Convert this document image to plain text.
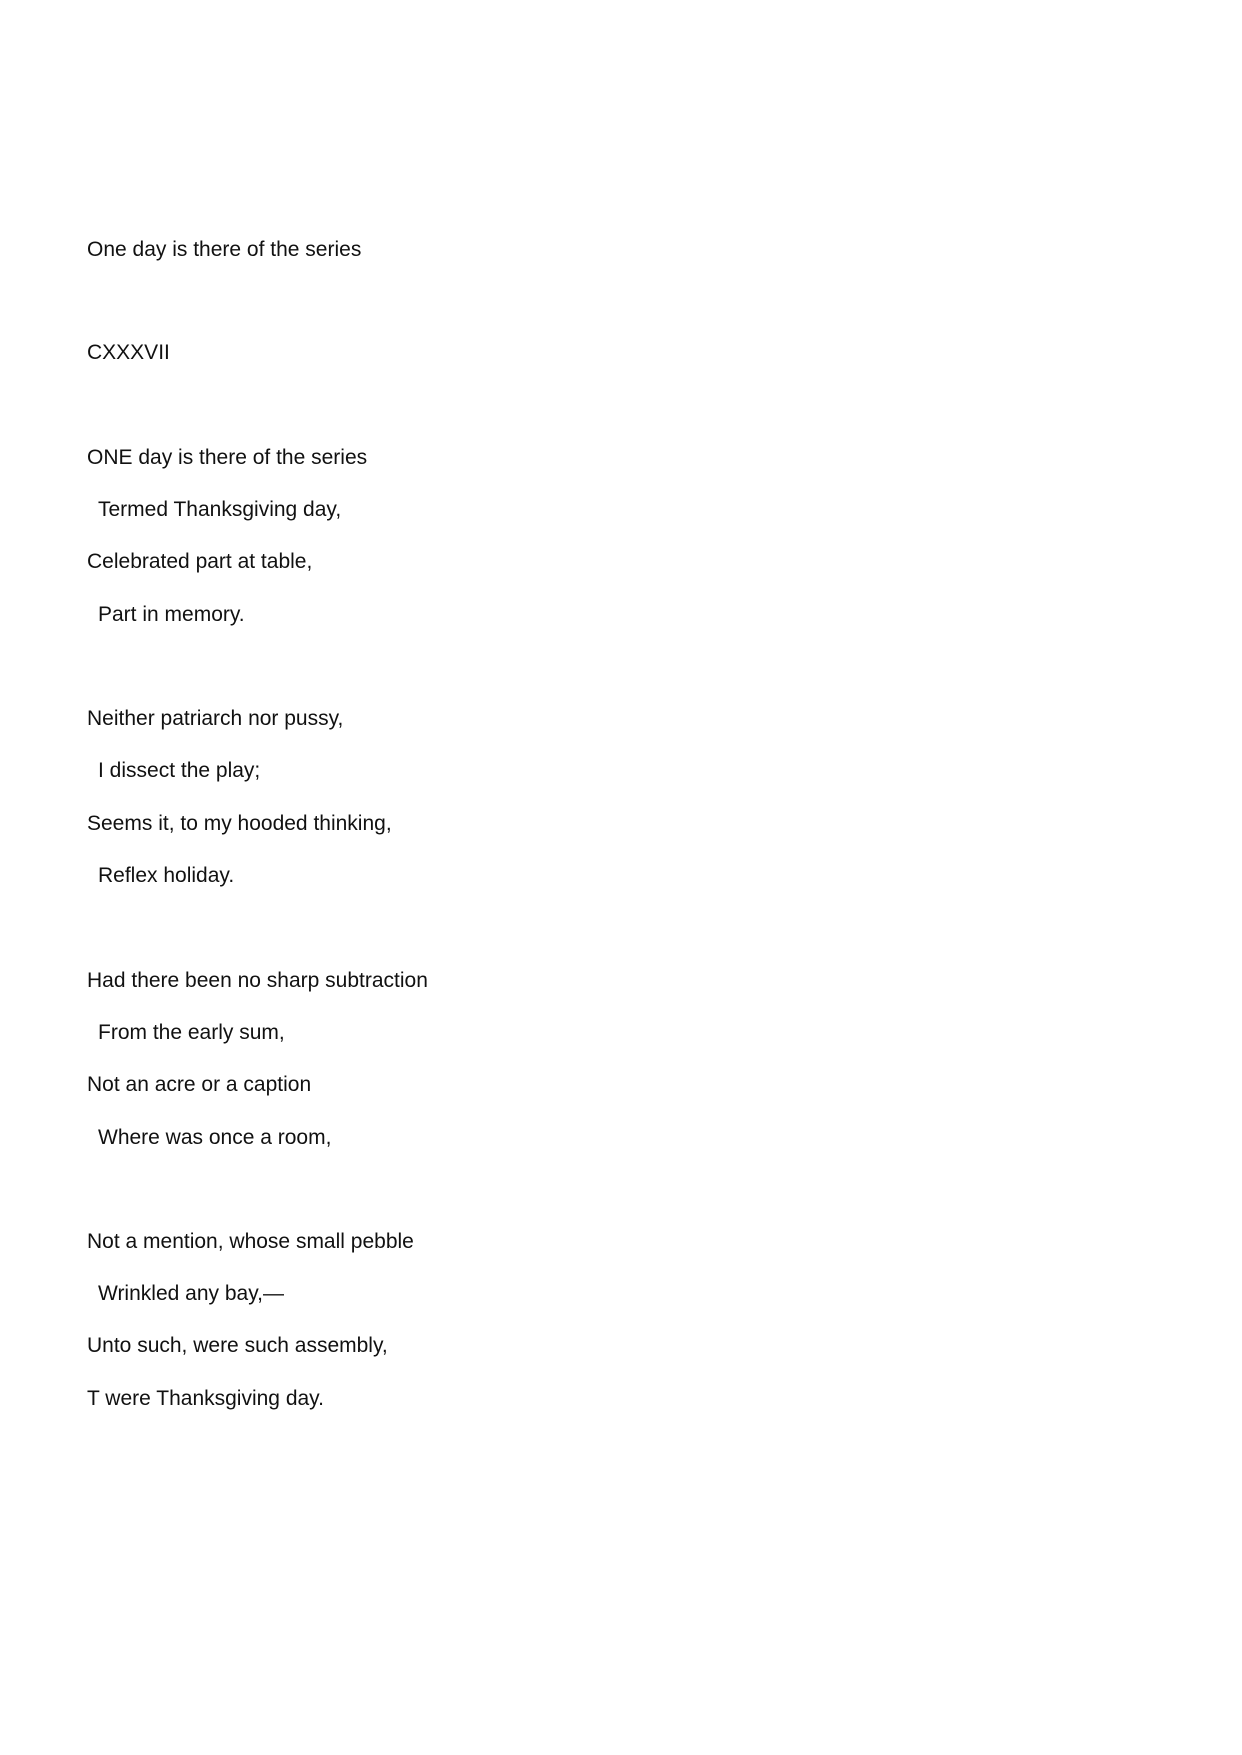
One day is there of the series

CXXXVII

ONE day is there of the series

Termed Thanksgiving day,

Celebrated part at table,

Part in memory.

Neither patriarch nor pussy,

I dissect the play;

Seems it, to my hooded thinking,

Reflex holiday.

Had there been no sharp subtraction

From the early sum,

Not an acre or a caption

Where was once a room,

Not a mention, whose small pebble

Wrinkled any bay,—

Unto such, were such assembly,

T were Thanksgiving day.
